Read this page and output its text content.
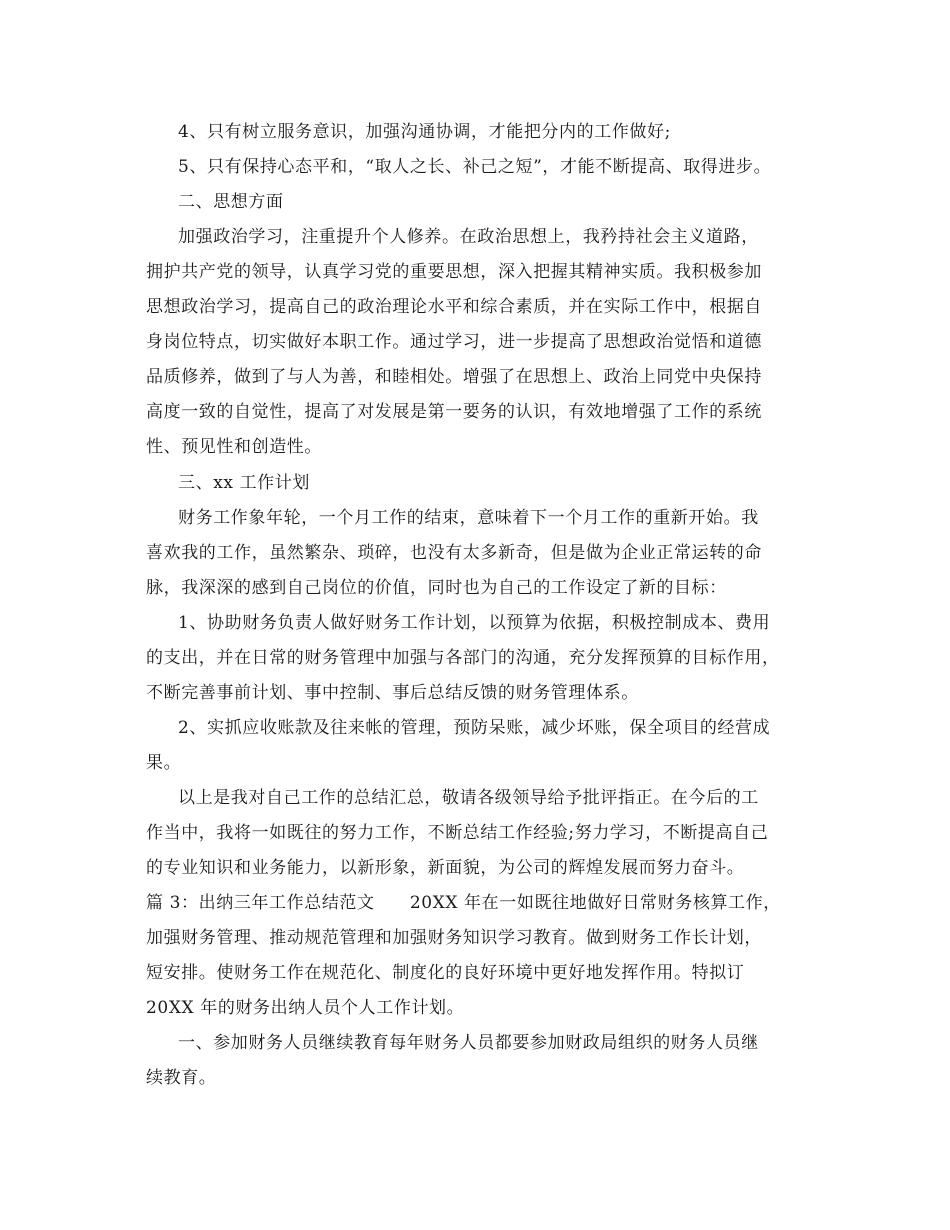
4、只有树立服务意识，加强沟通协调，才能把分内的工作做好;
5、只有保持心态平和，“取人之长、补己之短”，才能不断提高、取得进步。
二、思想方面
加强政治学习，注重提升个人修养。在政治思想上，我矜持社会主义道路，
拥护共产党的领导，认真学习党的重要思想，深入把握其精神实质。我积极参加
思想政治学习，提高自己的政治理论水平和综合素质，并在实际工作中，根据自
身岗位特点，切实做好本职工作。通过学习，进一步提高了思想政治觉悟和道德
品质修养，做到了与人为善，和睦相处。增强了在思想上、政治上同党中央保持
高度一致的自觉性，提高了对发展是第一要务的认识，有效地增强了工作的系统
性、预见性和创造性。
三、xx 工作计划
财务工作象年轮，一个月工作的结束，意味着下一个月工作的重新开始。我
喜欢我的工作，虽然繁杂、琐碎，也没有太多新奇，但是做为企业正常运转的命
脉，我深深的感到自己岗位的价值，同时也为自己的工作设定了新的目标：
1、协助财务负责人做好财务工作计划，以预算为依据，积极控制成本、费用
的支出，并在日常的财务管理中加强与各部门的沟通，充分发挥预算的目标作用，
不断完善事前计划、事中控制、事后总结反馈的财务管理体系。
2、实抓应收账款及往来帐的管理，预防呆账，减少坏账，保全项目的经营成
果。
以上是我对自己工作的总结汇总，敬请各级领导给予批评指正。在今后的工
作当中，我将一如既往的努力工作，不断总结工作经验;努力学习，不断提高自己
的专业知识和业务能力，以新形象，新面貌，为公司的辉煌发展而努力奋斗。
篇 3：出纳三年工作总结范文　　20XX 年在一如既往地做好日常财务核算工作，
加强财务管理、推动规范管理和加强财务知识学习教育。做到财务工作长计划，
短安排。使财务工作在规范化、制度化的良好环境中更好地发挥作用。特拟订
20XX 年的财务出纳人员个人工作计划。
一、参加财务人员继续教育每年财务人员都要参加财政局组织的财务人员继
续教育。
